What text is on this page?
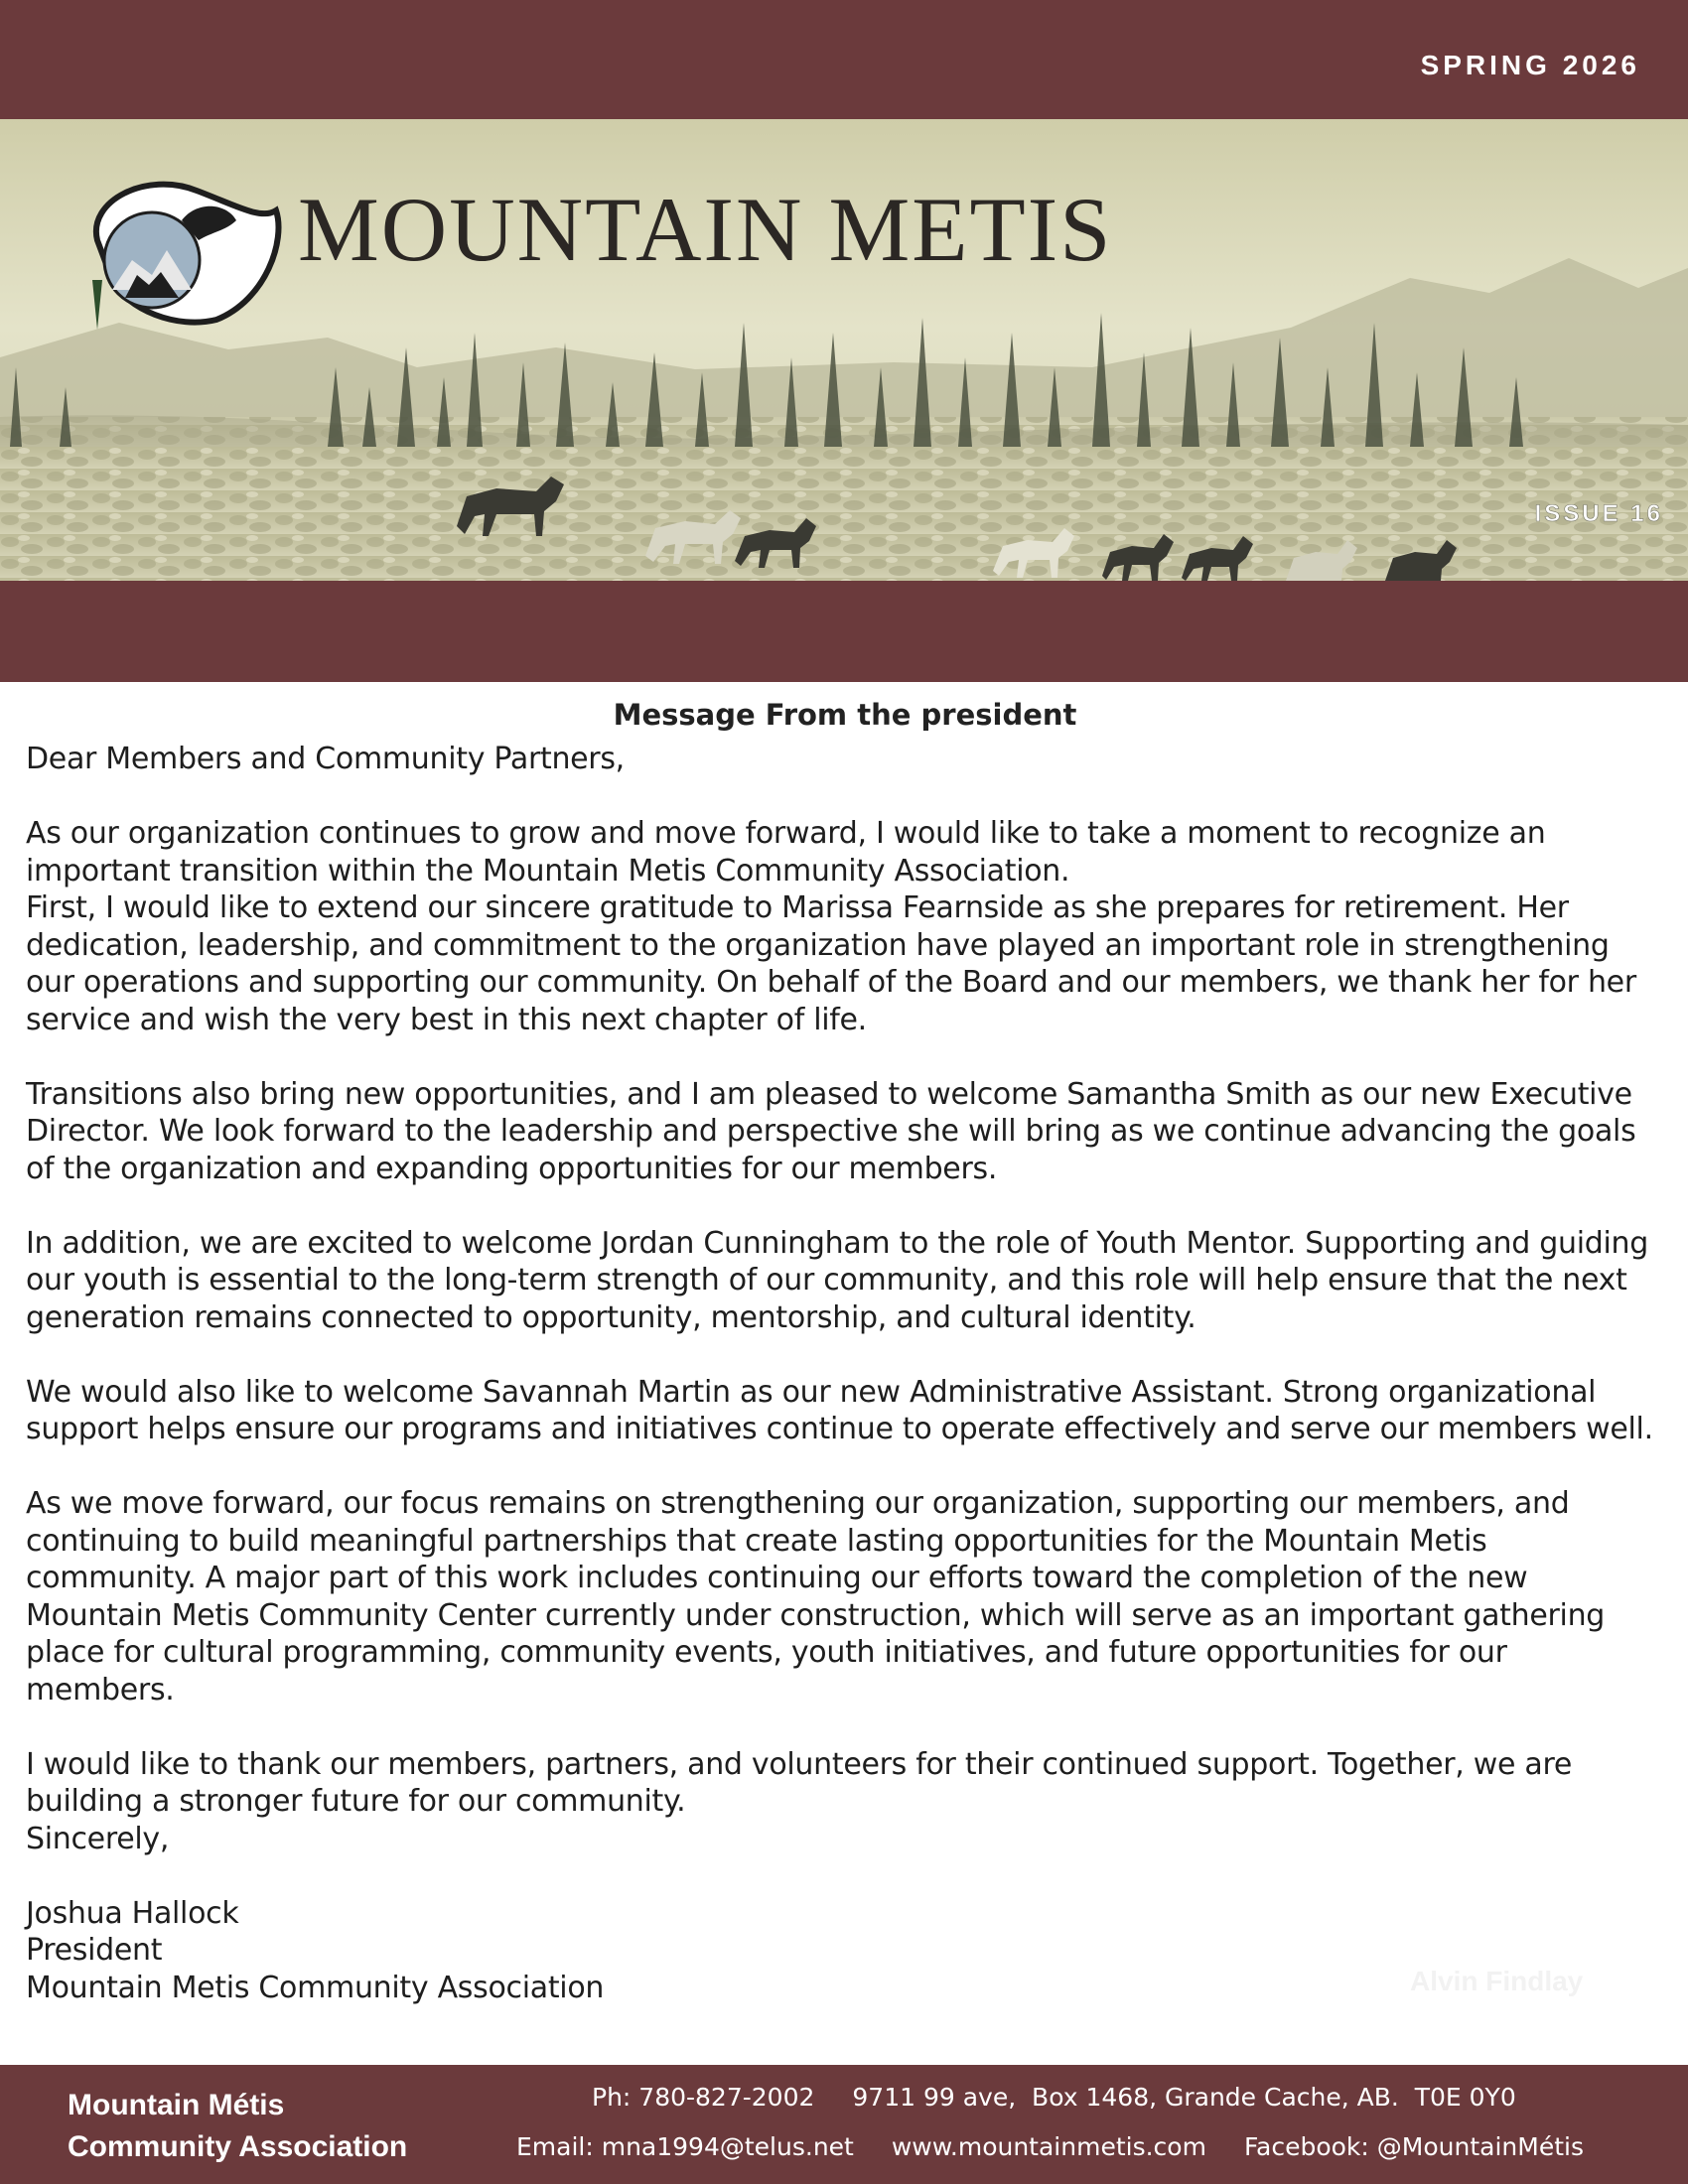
SPRING 2026
MOUNTAIN METIS
ISSUE 16
Message From the president

Dear Members and Community Partners,

As our organization continues to grow and move forward, I would like to take a moment to recognize an important transition within the Mountain Metis Community Association.

First, I would like to extend our sincere gratitude to Marissa Fearnside as she prepares for retirement. Her dedication, leadership, and commitment to the organization have played an important role in strengthening our operations and supporting our community. On behalf of the Board and our members, we thank her for her service and wish the very best in this next chapter of life.

Transitions also bring new opportunities, and I am pleased to welcome Samantha Smith as our new Executive Director. We look forward to the leadership and perspective she will bring as we continue advancing the goals of the organization and expanding opportunities for our members.

In addition, we are excited to welcome Jordan Cunningham to the role of Youth Mentor. Supporting and guiding our youth is essential to the long-term strength of our community, and this role will help ensure that the next generation remains connected to opportunity, mentorship, and cultural identity.

We would also like to welcome Savannah Martin as our new Administrative Assistant. Strong organizational support helps ensure our programs and initiatives continue to operate effectively and serve our members well.

As we move forward, our focus remains on strengthening our organization, supporting our members, and continuing to build meaningful partnerships that create lasting opportunities for the Mountain Metis community. A major part of this work includes continuing our efforts toward the completion of the new Mountain Metis Community Center currently under construction, which will serve as an important gathering place for cultural programming, community events, youth initiatives, and future opportunities for our members.

I would like to thank our members, partners, and volunteers for their continued support. Together, we are building a stronger future for our community.

Sincerely,

Joshua Hallock

President

Mountain Metis Community Association	Alvin Findlay
Mountain Métis
Community Association
Ph: 780-827-2002 9711 99 ave,  Box 1468, Grande Cache, AB.  T0E 0Y0
Email: mna1994@telus.net www.mountainmetis.com Facebook: @MountainMétis
